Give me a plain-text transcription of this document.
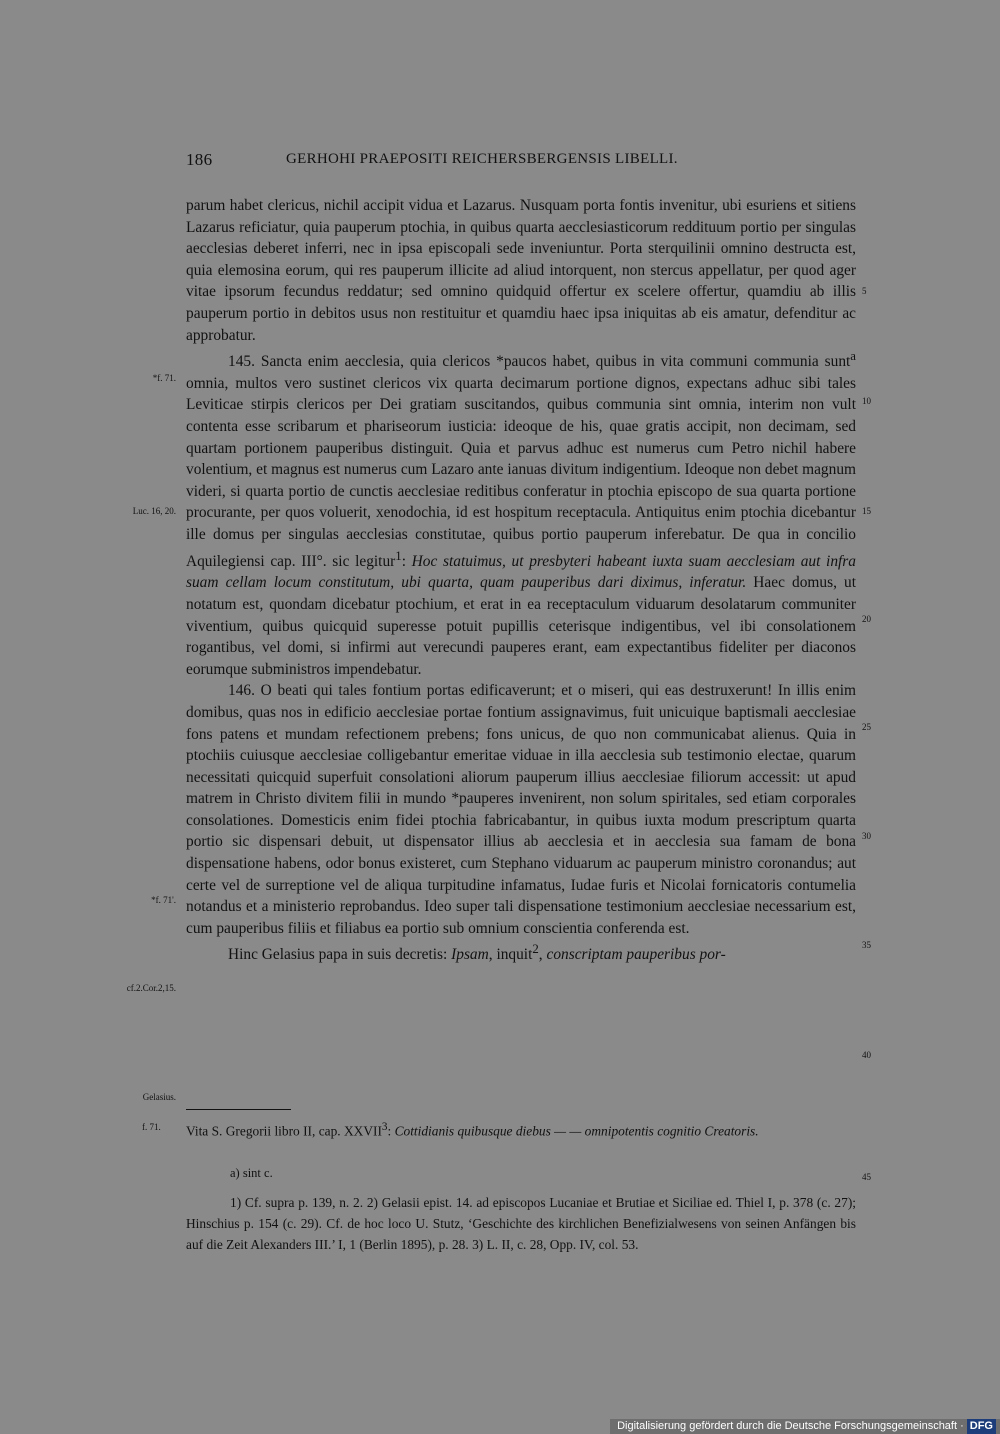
186	GERHOHI PRAEPOSITI REICHERSBERGENSIS LIBELLI.

parum habet clericus, nichil accipit vidua et Lazarus. Nusquam porta fontis invenitur, ubi esuriens et sitiens Lazarus reficiatur, quia pauperum ptochia, in quibus quarta aecclesiasticorum reddituum portio per singulas aecclesias deberet inferri, nec in ipsa episcopali sede inveniuntur. Porta sterquilinii omnino destructa est, quia elemosina eorum, qui res pauperum illicite ad aliud intorquent, non stercus appellatur, per quod ager vitae ipsorum fecundus reddatur; sed omnino quidquid offertur ex scelere offertur, quamdiu ab illis pauperum portio in debitos usus non restituitur et quamdiu haec ipsa iniquitas ab eis amatur, defenditur ac approbatur.

145. Sancta enim aecclesia, quia clericos *paucos habet, quibus in vita communi communia sunt$^a$ omnia, multos vero sustinet clericos vix quarta decimarum portione dignos, expectans adhuc sibi tales Leviticae stirpis clericos per Dei gratiam suscitandos, quibus communia sint omnia, interim non vult contenta esse scribarum et phariseorum iusticia: ideoque de his, quae gratis accipit, non decimam, sed quartam portionem pauperibus distinguit. Quia et parvus adhuc est numerus cum Petro nichil habere volentium, et magnus est numerus cum Lazaro ante ianuas divitum indigentium. Ideoque non debet magnum videri, si quarta portio de cunctis aecclesiae reditibus conferatur in ptochia episcopo de sua quarta portione procurante, per quos voluerit, xenodochia, id est hospitum receptacula. Antiquitus enim ptochia dicebantur ille domus per singulas aecclesias constitutae, quibus portio pauperum inferebatur. De qua in concilio Aquilegiensi cap. III°. sic legitur$^1$: Hoc statuimus, ut presbyteri habeant iuxta suam aecclesiam aut infra suam cellam locum constitutum, ubi quarta, quam pauperibus dari diximus, inferatur. Haec domus, ut notatum est, quondam dicebatur ptochium, et erat in ea receptaculum viduarum desolatarum communiter viventium, quibus quicquid superesse potuit pupillis ceterisque indigentibus, vel ibi consolationem rogantibus, vel domi, si infirmi aut verecundi pauperes erant, eam expectantibus fideliter per diaconos eorumque subministros impendebatur.

146. O beati qui tales fontium portas edificaverunt; et o miseri, qui eas destruxerunt! In illis enim domibus, quas nos in edificio aecclesiae portae fontium assignavimus, fuit unicuique baptismali aecclesiae fons patens et mundam refectionem prebens; fons unicus, de quo non communicabat alienus. Quia in ptochiis cuiusque aecclesiae colligebantur emeritae viduae in illa aecclesia sub testimonio electae, quarum necessitati quicquid superfuit consolationi aliorum pauperum illius aecclesiae filiorum accessit: ut apud matrem in Christo divitem filii in mundo *pauperes invenirent, non solum spiritales, sed etiam corporales consolationes. Domesticis enim fidei ptochia fabricabantur, in quibus iuxta modum prescriptum quarta portio sic dispensari debuit, ut dispensator illius ab aecclesia et in aecclesia sua famam de bona dispensatione habens, odor bonus existeret, cum Stephano viduarum ac pauperum ministro coronandus; aut certe vel de surreptione vel de aliqua turpitudine infamatus, Iudae furis et Nicolai fornicatoris contumelia notandus et a ministerio reprobandus. Ideo super tali dispensatione testimonium aecclesiae necessarium est, cum pauperibus filiis et filiabus ea portio sub omnium conscientia conferenda est.

Hinc Gelasius papa in suis decretis: Ipsam, inquit$^2$, conscriptam pauperibus por-

*f. 71.
Luc. 16, 20.
*f. 71'.
cf.2.Cor.2,15.
Gelasius.
5
10
15
20
25
30
35
40
45
f. 71. Vita S. Gregorii libro II, cap. XXVII$^3$: Cottidianis quibusque diebus — — omnipotentis cognitio Creatoris.
a) sint c.

1) Cf. supra p. 139, n. 2. 2) Gelasii epist. 14. ad episcopos Lucaniae et Brutiae et Siciliae ed. Thiel I, p. 378 (c. 27); Hinschius p. 154 (c. 29). Cf. de hoc loco U. Stutz, ‘Geschichte des kirchlichen Benefizialwesens von seinen Anfängen bis auf die Zeit Alexanders III.’ I, 1 (Berlin 1895), p. 28. 3) L. II, c. 28, Opp. IV, col. 53.

Digitalisierung gefördert durch die Deutsche Forschungsgemeinschaft · DFG
